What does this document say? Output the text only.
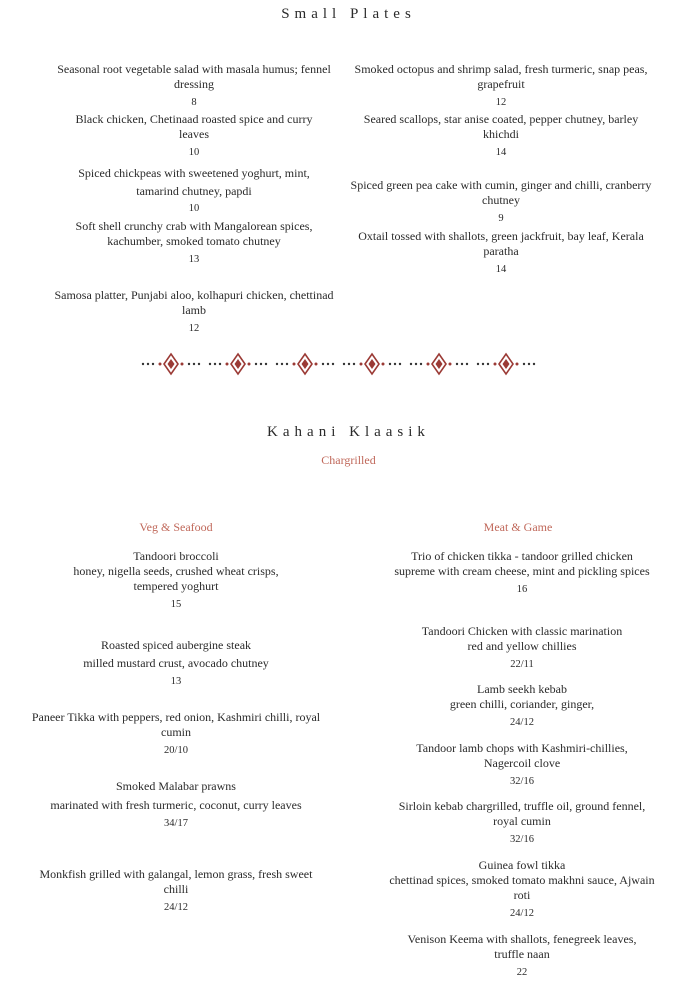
Small Plates
Seasonal root vegetable salad with masala humus; fennel dressing
8
Black chicken, Chetinaad roasted spice and curry leaves
10
Spiced chickpeas with sweetened yoghurt, mint, tamarind chutney, papdi
10
Soft shell crunchy crab with Mangalorean spices, kachumber, smoked tomato chutney
13
Samosa platter, Punjabi aloo, kolhapuri chicken, chettinad lamb
12
Smoked octopus and shrimp salad, fresh turmeric, snap peas, grapefruit
12
Seared scallops, star anise coated, pepper chutney, barley khichdi
14
Spiced green pea cake with cumin, ginger and chilli, cranberry chutney
9
Oxtail tossed with shallots, green jackfruit, bay leaf, Kerala paratha
14
Kahani Klaasik
Chargrilled
Veg & Seafood	Meat & Game
Tandoori broccoli
honey, nigella seeds, crushed wheat crisps, tempered yoghurt
15
Roasted spiced aubergine steak
milled mustard crust, avocado chutney
13
Paneer Tikka with peppers, red onion, Kashmiri chilli, royal cumin
20/10
Smoked Malabar prawns
marinated with fresh turmeric, coconut, curry leaves
34/17
Monkfish grilled with galangal, lemon grass, fresh sweet chilli
24/12
Trio of chicken tikka - tandoor grilled chicken supreme with cream cheese, mint and pickling spices
16
Tandoori Chicken with classic marination
red and yellow chillies
22/11
Lamb seekh kebab
green chilli, coriander, ginger,
24/12
Tandoor lamb chops with Kashmiri-chillies, Nagercoil clove
32/16
Sirloin kebab chargrilled, truffle oil, ground fennel, royal cumin
32/16
Guinea fowl tikka
chettinad spices, smoked tomato makhni sauce, Ajwain roti
24/12
Venison Keema with shallots, fenegreek leaves, truffle naan
22
